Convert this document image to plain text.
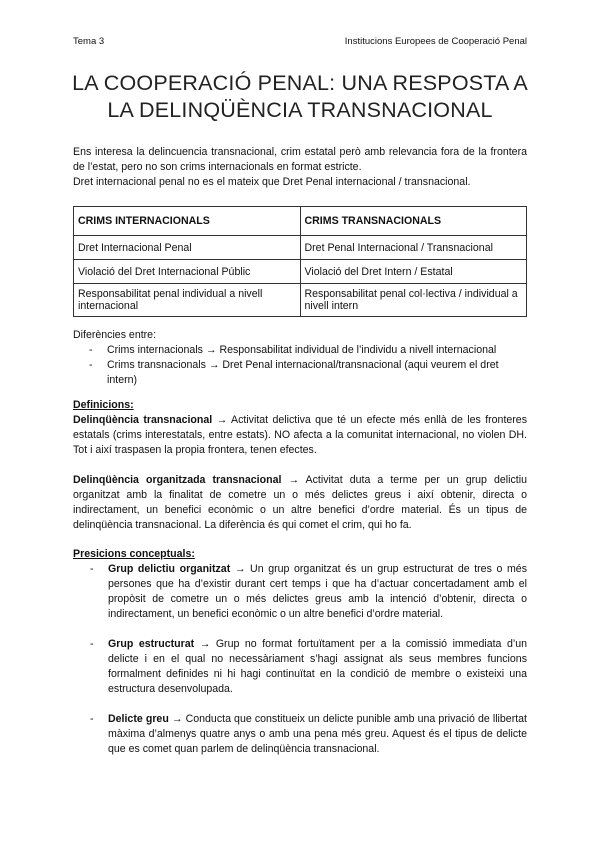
Tema 3	Institucions Europees de Cooperació Penal
LA COOPERACIÓ PENAL: UNA RESPOSTA A
LA DELINQÜÈNCIA TRANSNACIONAL

Ens interesa la delincuencia transnacional, crim estatal però amb relevancia fora de la frontera de l’estat, pero no son crims internacionals en format estricte.

Dret internacional penal no es el mateix que Dret Penal internacional / transnacional.

CRIMS INTERNACIONALS	CRIMS TRANSNACIONALS
Dret Internacional Penal	Dret Penal Internacional / Transnacional
Violació del Dret Internacional Públic	Violació del Dret Intern / Estatal
Responsabilitat penal individual a nivell internacional	Responsabilitat penal col·lectiva / individual a nivell intern
Diferències entre:
- Crims internacionals → Responsabilitat individual de l’individu a nivell internacional
- Crims transnacionals → Dret Penal internacional/transnacional (aqui veurem el dret intern)
Definicions:

Delinqüència transnacional → Activitat delictiva que té un efecte més enllà de les fronteres estatals (crims interestatals, entre estats). NO afecta a la comunitat internacional, no violen DH. Tot i així traspasen la propia frontera, tenen efectes.

Delinqüència organitzada transnacional → Activitat duta a terme per un grup delictiu organitzat amb la finalitat de cometre un o més delictes greus i així obtenir, directa o indirectament, un benefici econòmic o un altre benefici d’ordre material. És un tipus de delinqüència transnacional. La diferència és qui comet el crim, qui ho fa.

Presicions conceptuals:
- Grup delictiu organitzat → Un grup organitzat és un grup estructurat de tres o més persones que ha d’existir durant cert temps i que ha d’actuar concertadament amb el propòsit de cometre un o més delictes greus amb la intenció d’obtenir, directa o indirectament, un benefici econòmic o un altre benefici d’ordre material.
- Grup estructurat → Grup no format fortuïtament per a la comissió immediata d’un delicte i en el qual no necessàriament s’hagi assignat als seus membres funcions formalment definides ni hi hagi continuïtat en la condició de membre o existeixi una estructura desenvolupada.
- Delicte greu → Conducta que constitueix un delicte punible amb una privació de llibertat màxima d’almenys quatre anys o amb una pena més greu. Aquest és el tipus de delicte que es comet quan parlem de delinqüència transnacional.
